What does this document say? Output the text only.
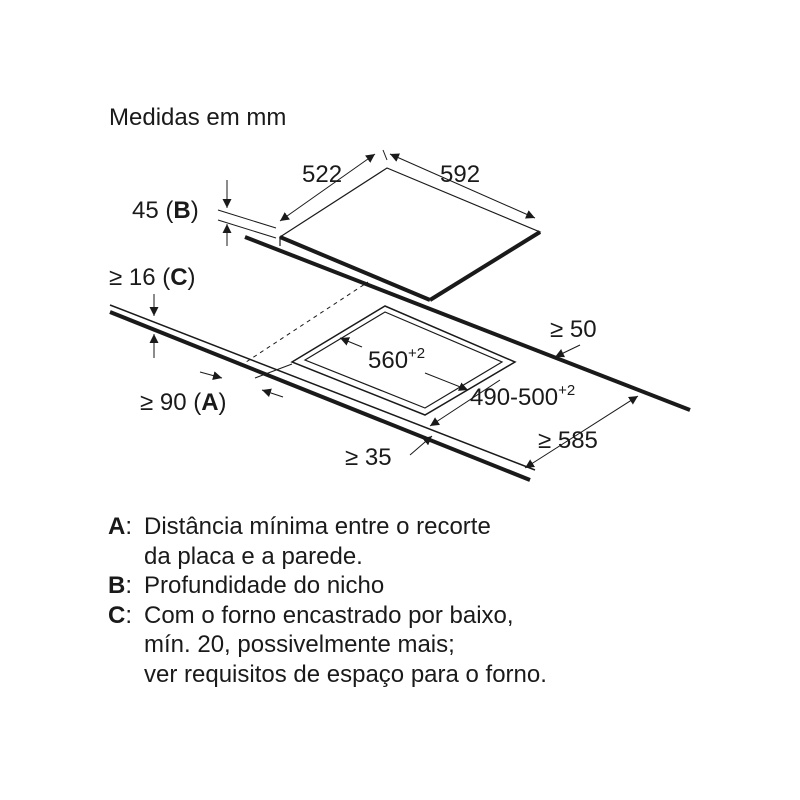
Medidas em mm
522	592
45 (B)
≥ 16 (C)
≥ 50
$560^{+2}$
$490-500^{+2}$
≥ 90 (A)
≥ 585
≥ 35
A : Distância mínima entre o recorte
da placa e a parede.
B : Profundidade do nicho
C : Com o forno encastrado por baixo,
mín. 20, possivelmente mais;
ver requisitos de espaço para o forno.
